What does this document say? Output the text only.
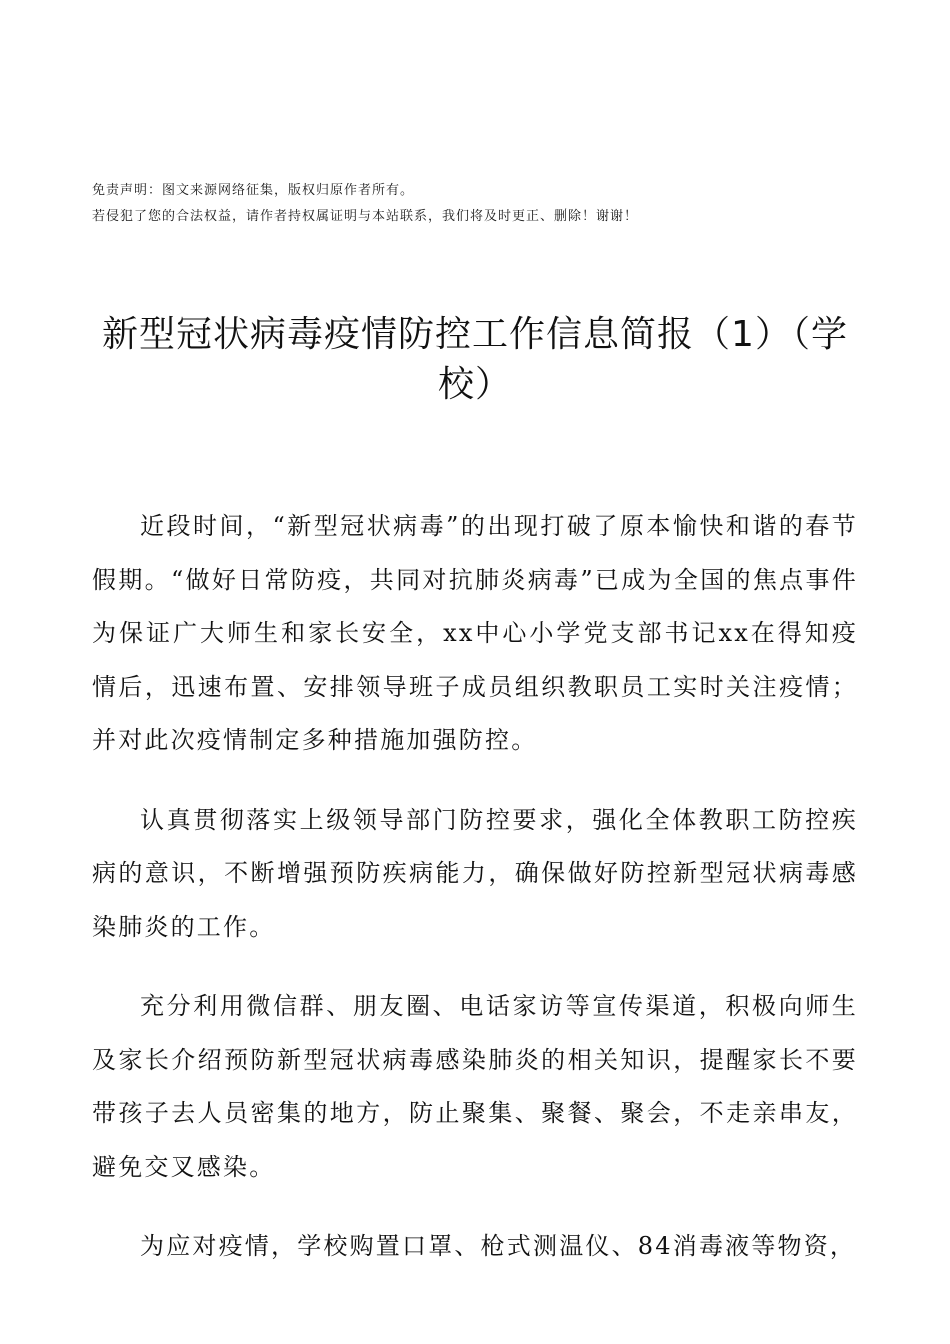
免责声明：图文来源网络征集，版权归原作者所有。

若侵犯了您的合法权益，请作者持权属证明与本站联系，我们将及时更正、删除！谢谢！

新型冠状病毒疫情防控工作信息简报（1）（学校）

近段时间，“新型冠状病毒”的出现打破了原本愉快和谐的春节假期。“做好日常防疫，共同对抗肺炎病毒”已成为全国的焦点事件为保证广大师生和家长安全，xx中心小学党支部书记xx在得知疫情后，迅速布置、安排领导班子成员组织教职员工实时关注疫情；并对此次疫情制定多种措施加强防控。

认真贯彻落实上级领导部门防控要求，强化全体教职工防控疾病的意识，不断增强预防疾病能力，确保做好防控新型冠状病毒感染肺炎的工作。

充分利用微信群、朋友圈、电话家访等宣传渠道，积极向师生及家长介绍预防新型冠状病毒感染肺炎的相关知识，提醒家长不要带孩子去人员密集的地方，防止聚集、聚餐、聚会，不走亲串友，避免交叉感染。

为应对疫情，学校购置口罩、枪式测温仪、84消毒液等物资，
